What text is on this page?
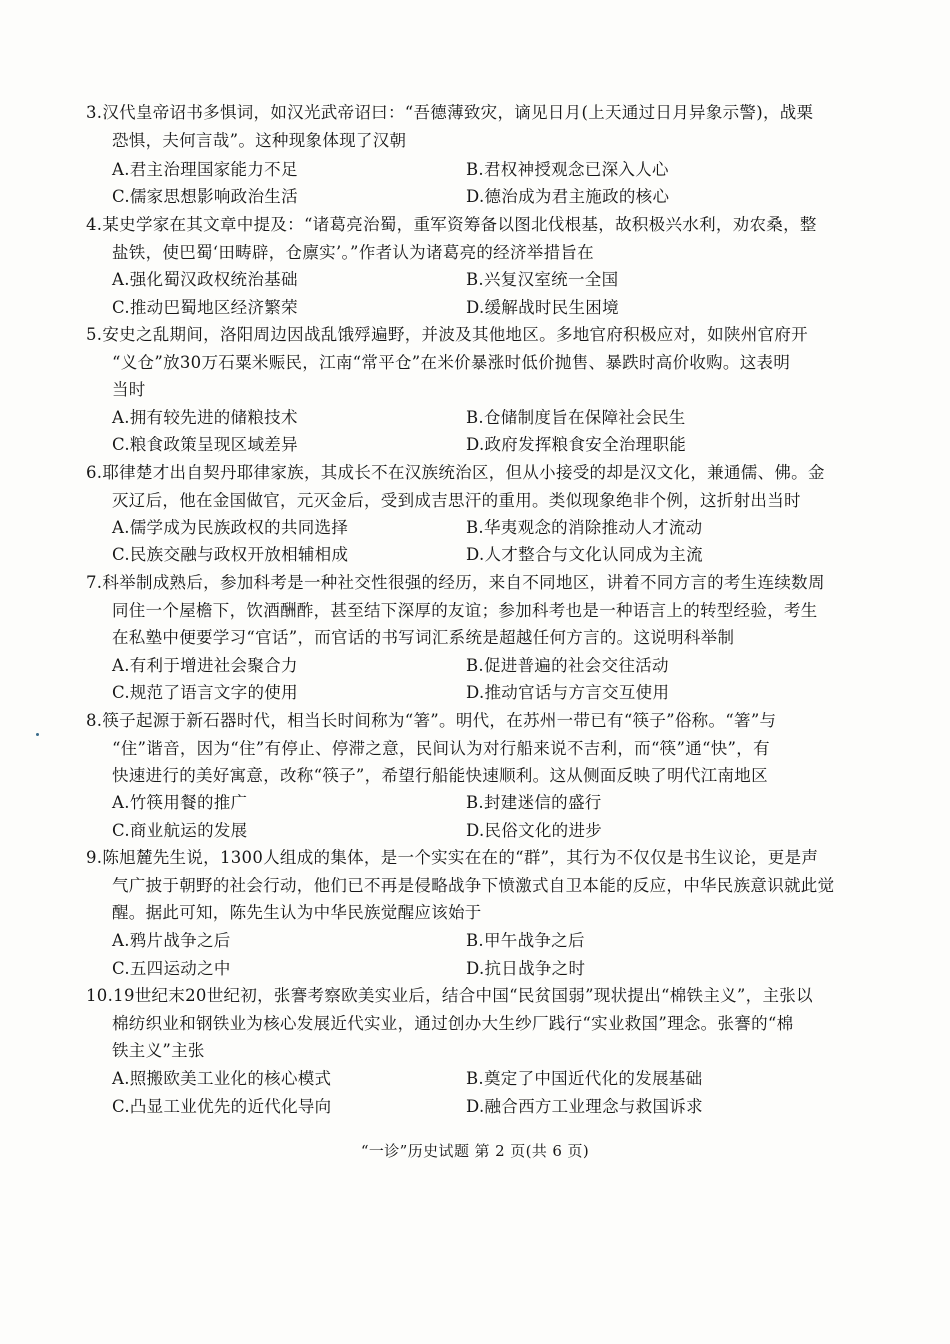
3.汉代皇帝诏书多惧词，如汉光武帝诏曰：“吾德薄致灾，谪见日月(上天通过日月异象示警)，战栗
恐惧，夫何言哉”。这种现象体现了汉朝
A.君主治理国家能力不足	B.君权神授观念已深入人心
C.儒家思想影响政治生活	D.德治成为君主施政的核心
4.某史学家在其文章中提及：“诸葛亮治蜀，重军资筹备以图北伐根基，故积极兴水利，劝农桑，整
盐铁，使巴蜀‘田畴辟，仓廪实’。”作者认为诸葛亮的经济举措旨在
A.强化蜀汉政权统治基础	B.兴复汉室统一全国
C.推动巴蜀地区经济繁荣	D.缓解战时民生困境
5.安史之乱期间，洛阳周边因战乱饿殍遍野，并波及其他地区。多地官府积极应对，如陕州官府开
“义仓”放30万石粟米赈民，江南“常平仓”在米价暴涨时低价抛售、暴跌时高价收购。这表明
当时
A.拥有较先进的储粮技术	B.仓储制度旨在保障社会民生
C.粮食政策呈现区域差异	D.政府发挥粮食安全治理职能
6.耶律楚才出自契丹耶律家族，其成长不在汉族统治区，但从小接受的却是汉文化，兼通儒、佛。金
灭辽后，他在金国做官，元灭金后，受到成吉思汗的重用。类似现象绝非个例，这折射出当时
A.儒学成为民族政权的共同选择	B.华夷观念的消除推动人才流动
C.民族交融与政权开放相辅相成	D.人才整合与文化认同成为主流
7.科举制成熟后，参加科考是一种社交性很强的经历，来自不同地区，讲着不同方言的考生连续数周
同住一个屋檐下，饮酒酬酢，甚至结下深厚的友谊；参加科考也是一种语言上的转型经验，考生
在私塾中便要学习“官话”，而官话的书写词汇系统是超越任何方言的。这说明科举制
A.有利于增进社会聚合力	B.促进普遍的社会交往活动
C.规范了语言文字的使用	D.推动官话与方言交互使用
8.筷子起源于新石器时代，相当长时间称为“箸”。明代，在苏州一带已有“筷子”俗称。“箸”与
“住”谐音，因为“住”有停止、停滞之意，民间认为对行船来说不吉利，而“筷”通“快”，有
快速进行的美好寓意，改称“筷子”，希望行船能快速顺利。这从侧面反映了明代江南地区
A.竹筷用餐的推广	B.封建迷信的盛行
C.商业航运的发展	D.民俗文化的进步
9.陈旭麓先生说，1300人组成的集体，是一个实实在在的“群”，其行为不仅仅是书生议论，更是声
气广披于朝野的社会行动，他们已不再是侵略战争下愤激式自卫本能的反应，中华民族意识就此觉
醒。据此可知，陈先生认为中华民族觉醒应该始于
A.鸦片战争之后	B.甲午战争之后
C.五四运动之中	D.抗日战争之时
10.19世纪末20世纪初，张謇考察欧美实业后，结合中国“民贫国弱”现状提出“棉铁主义”，主张以
棉纺织业和钢铁业为核心发展近代实业，通过创办大生纱厂践行“实业救国”理念。张謇的“棉
铁主义”主张
A.照搬欧美工业化的核心模式	B.奠定了中国近代化的发展基础
C.凸显工业优先的近代化导向	D.融合西方工业理念与救国诉求
“一诊”历史试题 第 2 页(共 6 页)
